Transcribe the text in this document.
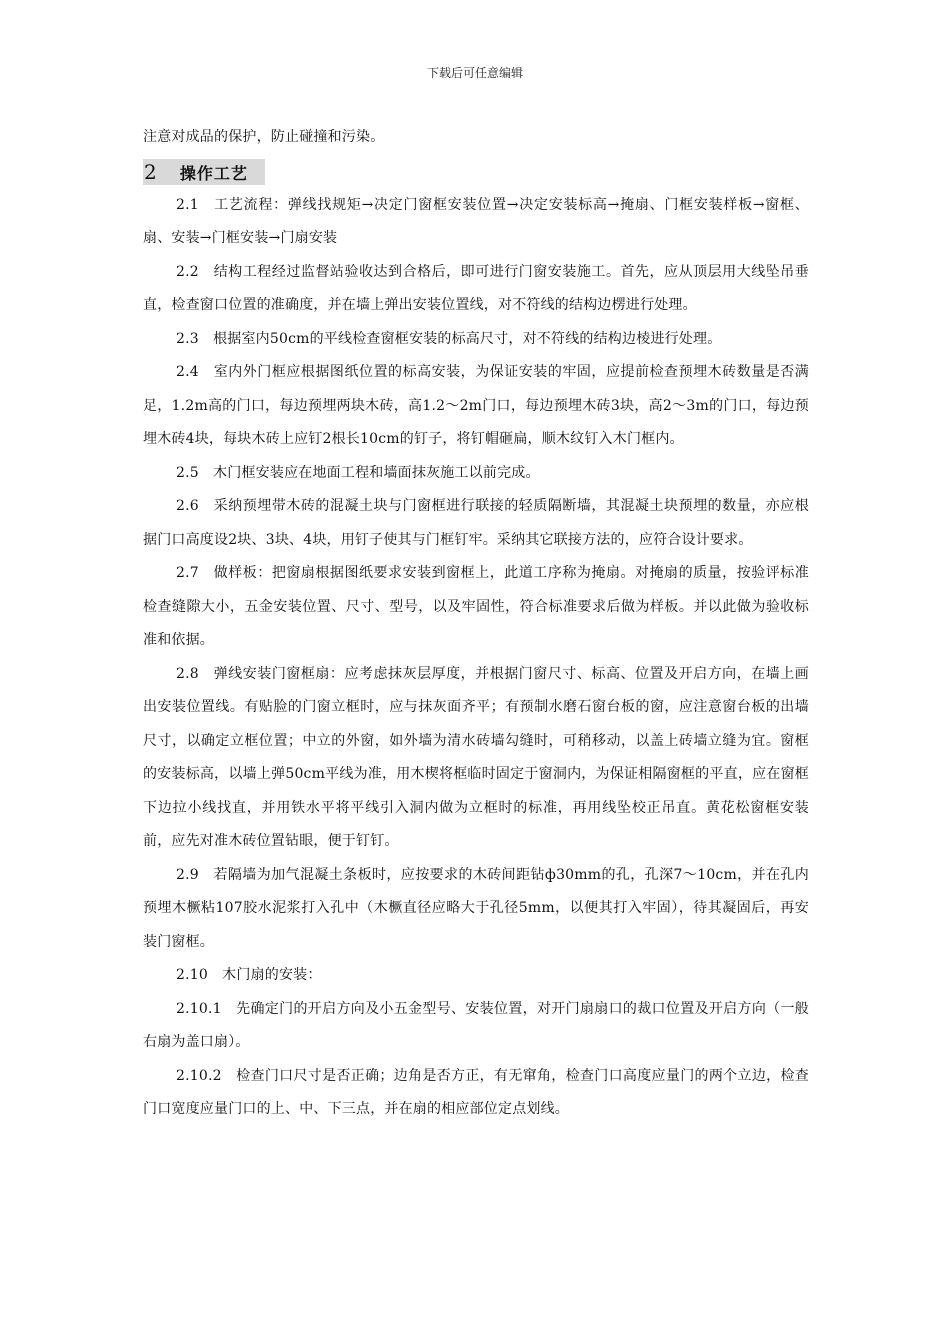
下载后可任意编辑

注意对成品的保护，防止碰撞和污染。

2 操作工艺

2.1　工艺流程：弹线找规矩→决定门窗框安装位置→决定安装标高→掩扇、门框安装样板→窗框、扇、安装→门框安装→门扇安装

2.2　结构工程经过监督站验收达到合格后，即可进行门窗安装施工。首先，应从顶层用大线坠吊垂直，检查窗口位置的准确度，并在墙上弹出安装位置线，对不符线的结构边楞进行处理。

2.3　根据室内50cm的平线检查窗框安装的标高尺寸，对不符线的结构边棱进行处理。

2.4　室内外门框应根据图纸位置的标高安装，为保证安装的牢固，应提前检查预埋木砖数量是否满足，1.2m高的门口，每边预埋两块木砖，高1.2～2m门口，每边预埋木砖3块，高2～3m的门口，每边预埋木砖4块，每块木砖上应钉2根长10cm的钉子，将钉帽砸扁，顺木纹钉入木门框内。

2.5　木门框安装应在地面工程和墙面抹灰施工以前完成。

2.6　采纳预埋带木砖的混凝土块与门窗框进行联接的轻质隔断墙，其混凝土块预埋的数量，亦应根据门口高度设2块、3块、4块，用钉子使其与门框钉牢。采纳其它联接方法的，应符合设计要求。

2.7　做样板：把窗扇根据图纸要求安装到窗框上，此道工序称为掩扇。对掩扇的质量，按验评标准检查缝隙大小，五金安装位置、尺寸、型号，以及牢固性，符合标准要求后做为样板。并以此做为验收标准和依据。

2.8　弹线安装门窗框扇：应考虑抹灰层厚度，并根据门窗尺寸、标高、位置及开启方向，在墙上画出安装位置线。有贴脸的门窗立框时，应与抹灰面齐平；有预制水磨石窗台板的窗，应注意窗台板的出墙尺寸，以确定立框位置；中立的外窗，如外墙为清水砖墙勾缝时，可稍移动，以盖上砖墙立缝为宜。窗框的安装标高，以墙上弹50cm平线为准，用木楔将框临时固定于窗洞内，为保证相隔窗框的平直，应在窗框下边拉小线找直，并用铁水平将平线引入洞内做为立框时的标准，再用线坠校正吊直。黄花松窗框安装前，应先对准木砖位置钻眼，便于钉钉。

2.9　若隔墙为加气混凝土条板时，应按要求的木砖间距钻ф30mm的孔，孔深7～10cm，并在孔内预埋木橛粘107胶水泥浆打入孔中（木橛直径应略大于孔径5mm，以便其打入牢固），待其凝固后，再安装门窗框。

2.10　木门扇的安装：

2.10.1　先确定门的开启方向及小五金型号、安装位置，对开门扇扇口的裁口位置及开启方向（一般右扇为盖口扇）。

2.10.2　检查门口尺寸是否正确；边角是否方正，有无窜角，检查门口高度应量门的两个立边，检查门口宽度应量门口的上、中、下三点，并在扇的相应部位定点划线。
